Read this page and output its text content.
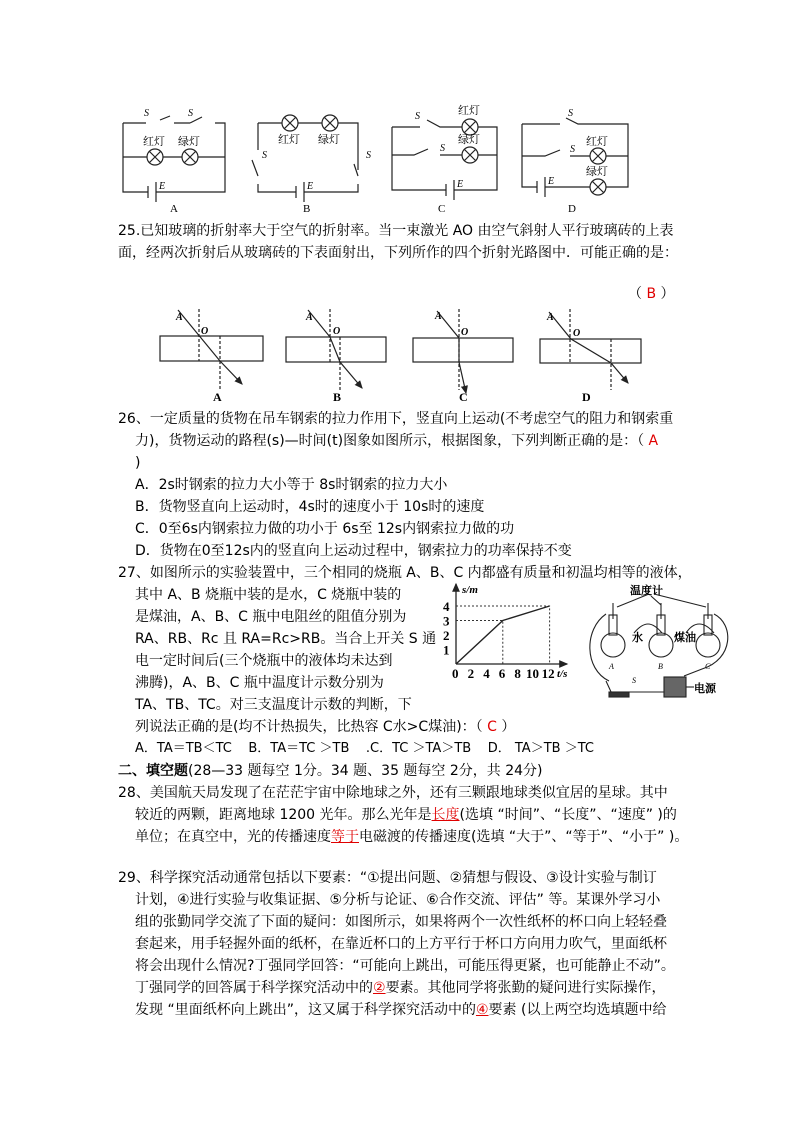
S	S
S	S
S
S
S
S
E	E	E	E
红灯 绿灯	红灯 绿灯
红灯
绿灯	红灯
绿灯
A	B	C	D
25.已知玻璃的折射率大于空气的折射率。当一束激光 AO 由空气斜射人平行玻璃砖的上表
面，经两次折射后从玻璃砖的下表面射出，下列所作的四个折射光路图中．可能正确的是：
（ B ）
A
O
A
O
A
O
A
O
A	B	C	D
26、一定质量的货物在吊车钢索的拉力作用下，竖直向上运动(不考虑空气的阻力和钢索重
力)，货物运动的路程(s)—时间(t)图象如图所示，根据图象，下列判断正确的是：（ A
)
A．2s时钢索的拉力大小等于 8s时钢索的拉力大小
B．货物竖直向上运动时，4s时的速度小于 10s时的速度
C．0至6s内钢索拉力做的功小于 6s至 12s内钢索拉力做的功
D．货物在0至12s内的竖直向上运动过程中，钢索拉力的功率保持不变
27、如图所示的实验装置中，三个相同的烧瓶 A、B、C 内都盛有质量和初温均相等的液体，
其中 A、B 烧瓶中装的是水，C 烧瓶中装的
是煤油，A、B、C 瓶中电阻丝的阻值分别为
RA、RB、Rc 且 RA=Rc>RB。当合上开关 S 通
电一定时间后(三个烧瓶中的液体均未达到
沸腾)，A、B、C 瓶中温度计示数分别为
TA、TB、TC。对三支温度计示数的判断，下
列说法正确的是(均不计热损失，比热容 C水>C煤油)：（ C ）
A．TA＝TB＜TC B．TA＝TC ＞TB .C．TC ＞TA＞TB D． TA＞TB ＞TC
0 2 4 6 8 10 12
1
2
3
4
s/m
t/s
温度计
水	煤油
电源
A	B	C
S
二、填空题(28—33 题每空 1分。34 题、35 题每空 2分，共 24分)
28、美国航天局发现了在茫茫宇宙中除地球之外，还有三颗跟地球类似宜居的星球。其中
较近的两颗，距离地球 1200 光年。那么光年是长度(选填 “时间”、“长度”、“速度” )的
单位；在真空中，光的传播速度等于电磁渡的传播速度(选填 “大于”、“等于”、“小于” )。
29、科学探究活动通常包括以下要素：“①提出问题、②猜想与假设、③设计实验与制订
计划，④进行实验与收集证据、⑤分析与论证、⑥合作交流、评估” 等。某课外学习小
组的张勤同学交流了下面的疑问：如图所示，如果将两个一次性纸杯的杯口向上轻轻叠
套起来，用手轻握外面的纸杯，在靠近杯口的上方平行于杯口方向用力吹气，里面纸杯
将会出现什么情况?丁强同学回答：“可能向上跳出，可能压得更紧，也可能静止不动”。
丁强同学的回答属于科学探究活动中的②要素。其他同学将张勤的疑问进行实际操作，
发现 “里面纸杯向上跳出”，这又属于科学探究活动中的④要素 (以上两空均选填题中给
